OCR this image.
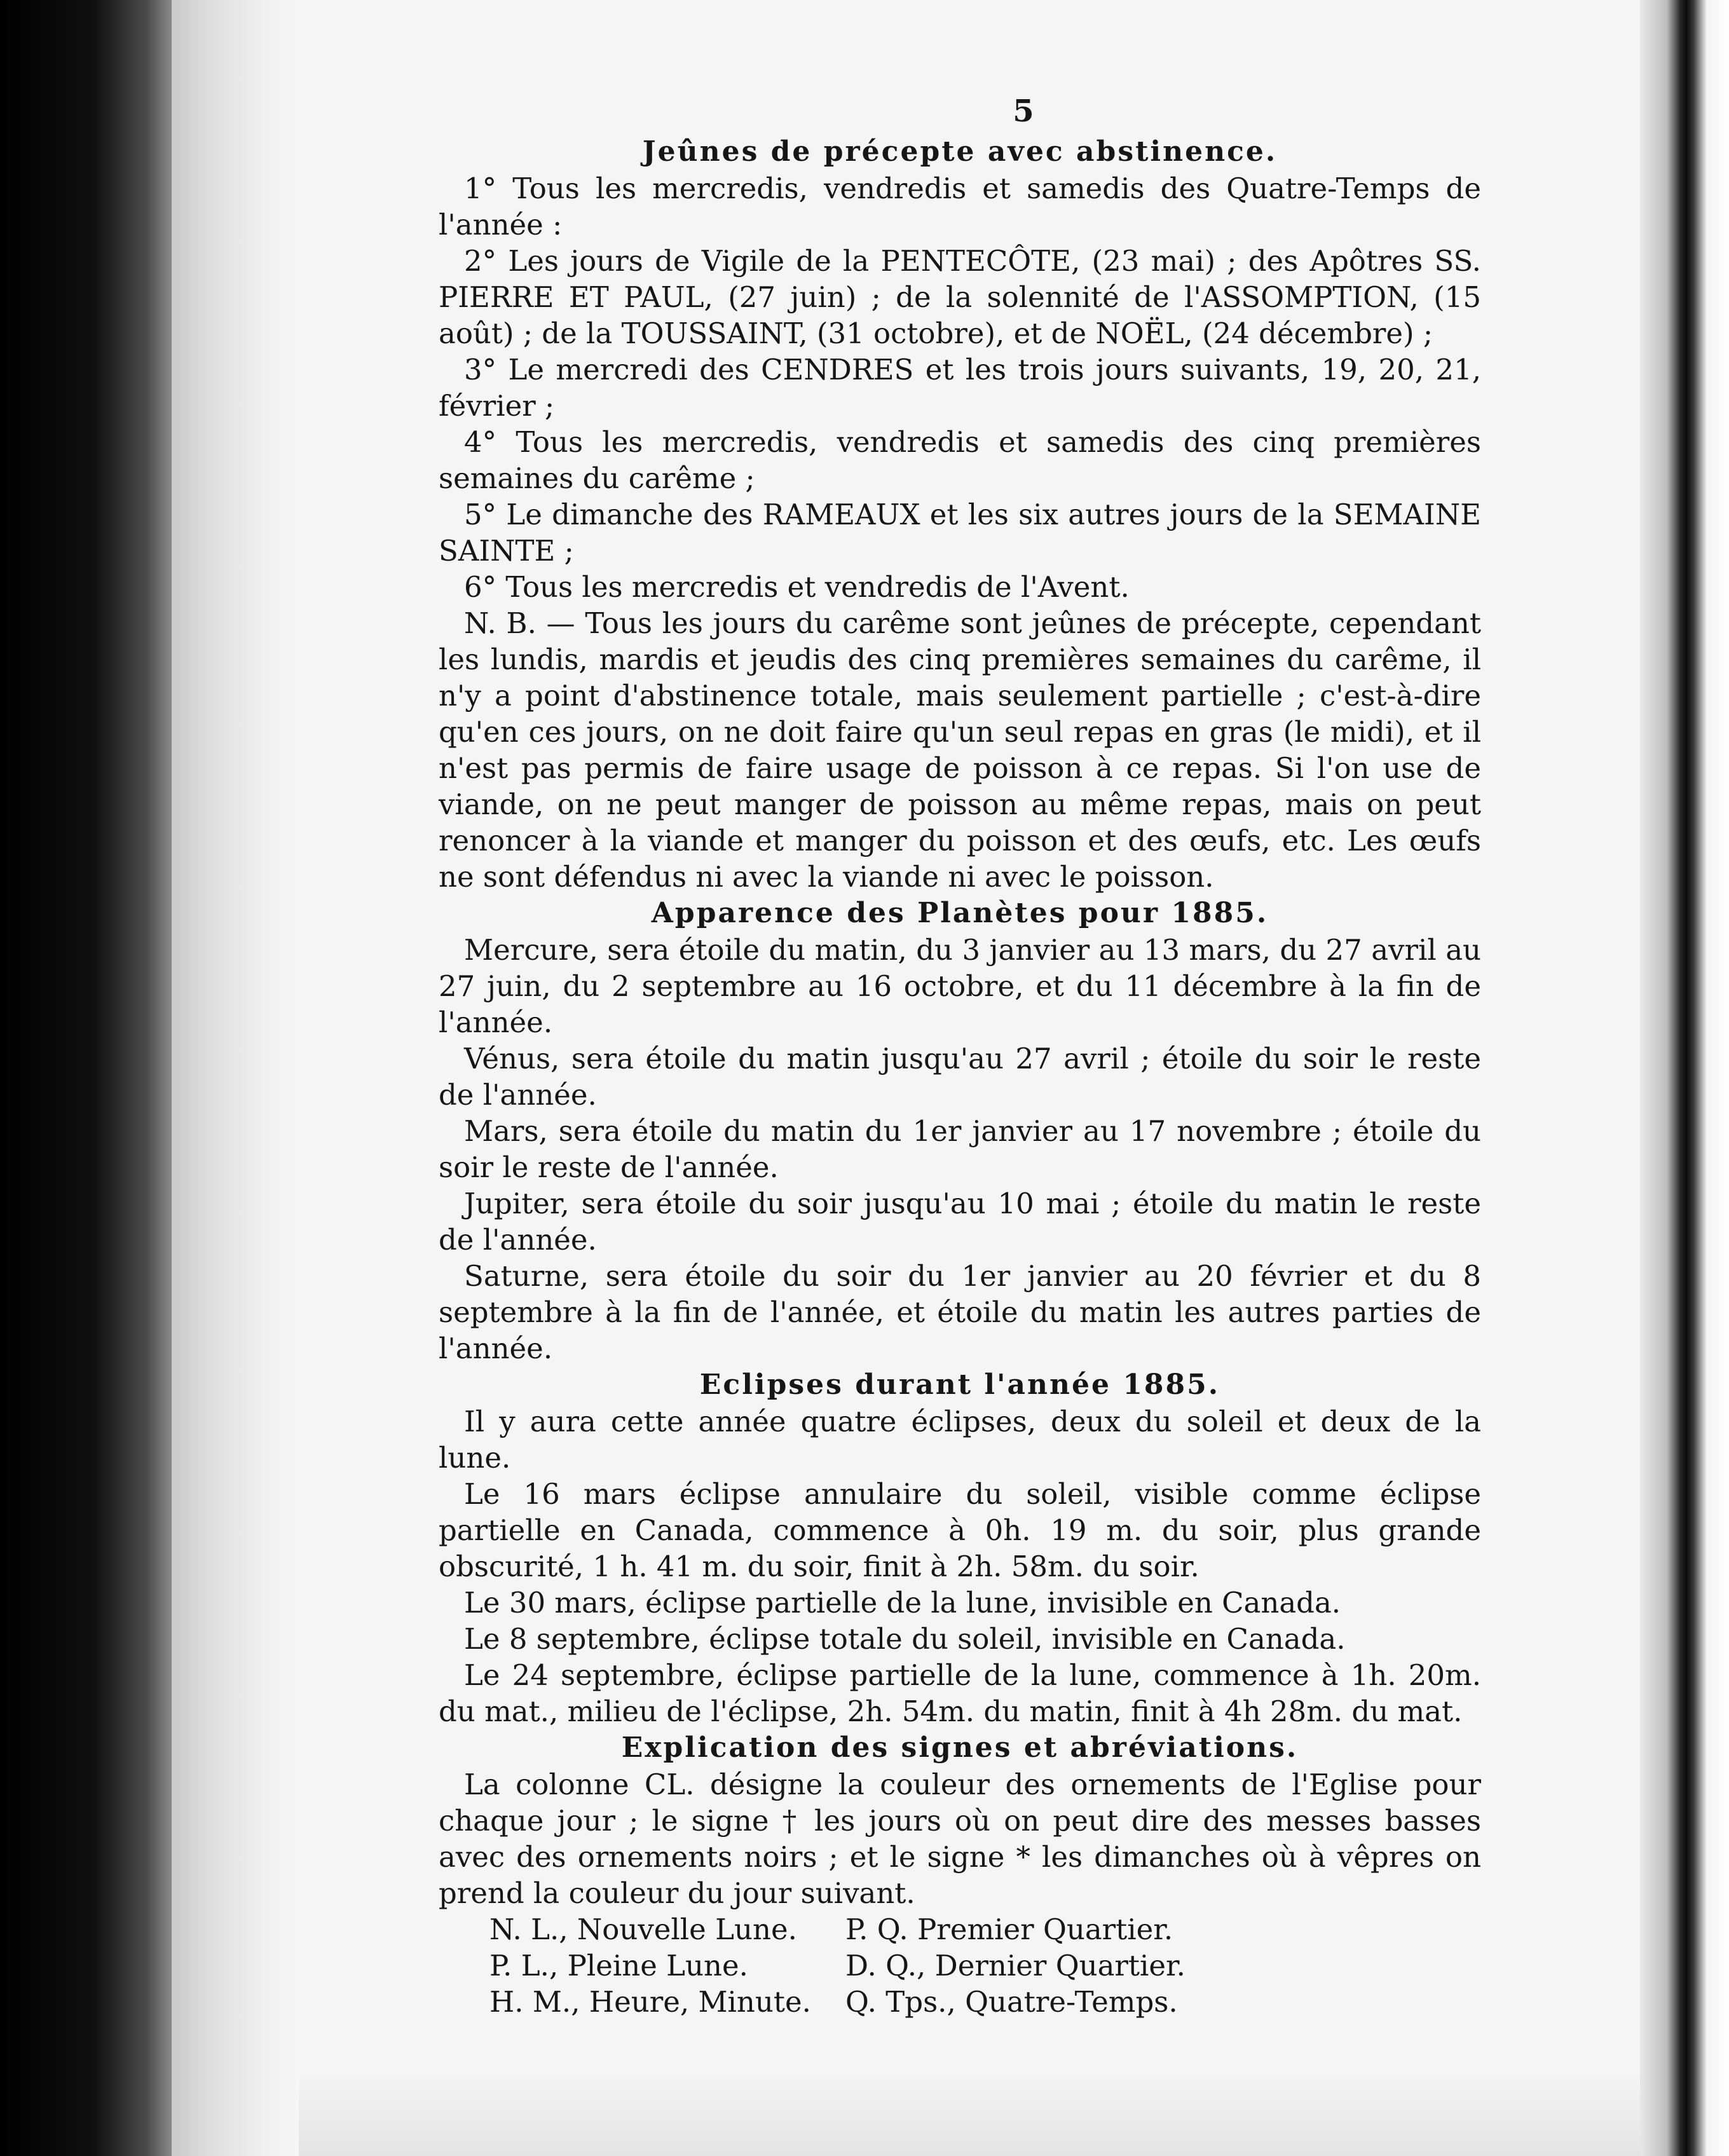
5
Jeûnes de précepte avec abstinence.

1° Tous les mercredis, vendredis et samedis des Quatre-Temps de l'année :

2° Les jours de Vigile de la PENTECÔTE, (23 mai) ; des Apôtres SS. PIERRE ET PAUL, (27 juin) ; de la solennité de l'ASSOMPTION, (15 août) ; de la TOUSSAINT, (31 octobre), et de NOËL, (24 décembre) ;

3° Le mercredi des CENDRES et les trois jours suivants, 19, 20, 21, février ;

4° Tous les mercredis, vendredis et samedis des cinq premières semaines du carême ;

5° Le dimanche des RAMEAUX et les six autres jours de la SEMAINE SAINTE ;

6° Tous les mercredis et vendredis de l'Avent.

N. B. — Tous les jours du carême sont jeûnes de précepte, cependant les lundis, mardis et jeudis des cinq premières semaines du carême, il n'y a point d'abstinence totale, mais seulement partielle ; c'est-à-dire qu'en ces jours, on ne doit faire qu'un seul repas en gras (le midi), et il n'est pas permis de faire usage de poisson à ce repas. Si l'on use de viande, on ne peut manger de poisson au même repas, mais on peut renoncer à la viande et manger du poisson et des œufs, etc. Les œufs ne sont défendus ni avec la viande ni avec le poisson.

Apparence des Planètes pour 1885.

Mercure, sera étoile du matin, du 3 janvier au 13 mars, du 27 avril au 27 juin, du 2 septembre au 16 octobre, et du 11 décembre à la fin de l'année.

Vénus, sera étoile du matin jusqu'au 27 avril ; étoile du soir le reste de l'année.

Mars, sera étoile du matin du 1er janvier au 17 novembre ; étoile du soir le reste de l'année.

Jupiter, sera étoile du soir jusqu'au 10 mai ; étoile du matin le reste de l'année.

Saturne, sera étoile du soir du 1er janvier au 20 février et du 8 septembre à la fin de l'année, et étoile du matin les autres parties de l'année.

Eclipses durant l'année 1885.

Il y aura cette année quatre éclipses, deux du soleil et deux de la lune.

Le 16 mars éclipse annulaire du soleil, visible comme éclipse partielle en Canada, commence à 0h. 19 m. du soir, plus grande obscurité, 1 h. 41 m. du soir, finit à 2h. 58m. du soir.

Le 30 mars, éclipse partielle de la lune, invisible en Canada.

Le 8 septembre, éclipse totale du soleil, invisible en Canada.

Le 24 septembre, éclipse partielle de la lune, commence à 1h. 20m. du mat., milieu de l'éclipse, 2h. 54m. du matin, finit à 4h 28m. du mat.

Explication des signes et abréviations.

La colonne CL. désigne la couleur des ornements de l'Eglise pour chaque jour ; le signe † les jours où on peut dire des messes basses avec des ornements noirs ; et le signe * les dimanches où à vêpres on prend la couleur du jour suivant.

N. L., Nouvelle Lune.	P. Q. Premier Quartier.
P. L., Pleine Lune.	D. Q., Dernier Quartier.
H. M., Heure, Minute.	Q. Tps., Quatre-Temps.
